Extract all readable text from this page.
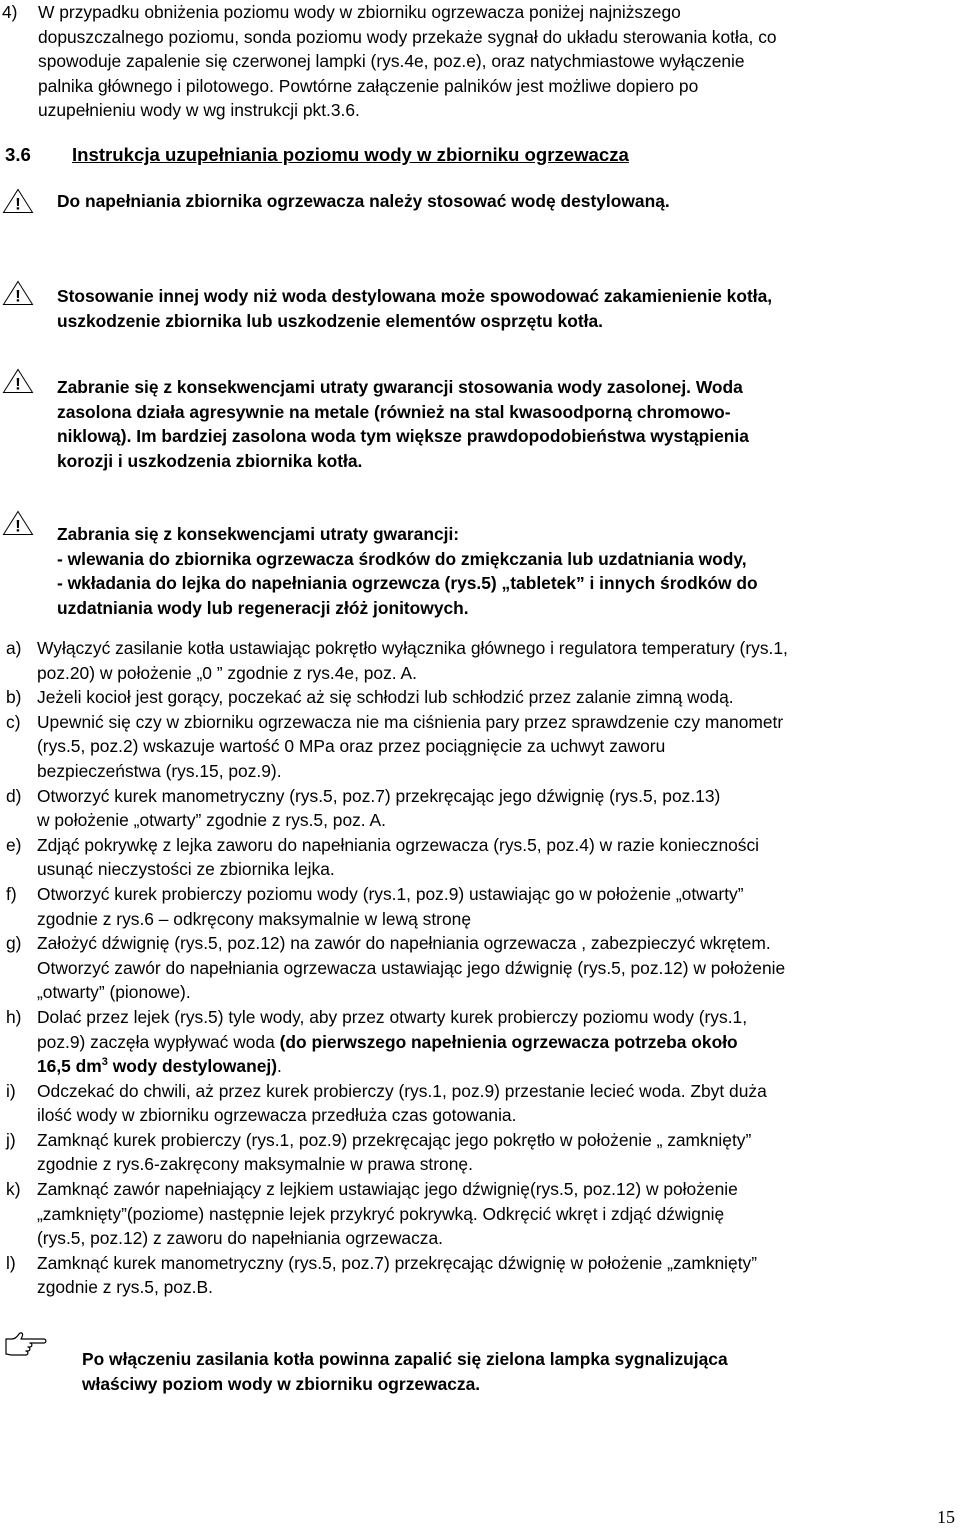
4) W przypadku obniżenia poziomu wody w zbiorniku ogrzewacza poniżej najniższego
dopuszczalnego poziomu, sonda poziomu wody przekaże sygnał do układu sterowania kotła, co
spowoduje zapalenie się czerwonej lampki (rys.4e, poz.e), oraz natychmiastowe wyłączenie
palnika głównego i pilotowego. Powtórne załączenie palników jest możliwe dopiero po
uzupełnieniu wody w wg instrukcji pkt.3.6.
3.6 Instrukcja uzupełniania poziomu wody w zbiorniku ogrzewacza
! Do napełniania zbiornika ogrzewacza należy stosować wodę destylowaną.
! Stosowanie innej wody niż woda destylowana może spowodować zakamienienie kotła,
uszkodzenie zbiornika lub uszkodzenie elementów osprzętu kotła.
! Zabranie się z konsekwencjami utraty gwarancji stosowania wody zasolonej. Woda
zasolona działa agresywnie na metale (również na stal kwasoodporną chromowo-
niklową). Im bardziej zasolona woda tym większe prawdopodobieństwa wystąpienia
korozji i uszkodzenia zbiornika kotła.
! Zabrania się z konsekwencjami utraty gwarancji:
- wlewania do zbiornika ogrzewacza środków do zmiękczania lub uzdatniania wody,
- wkładania do lejka do napełniania ogrzewcza (rys.5) „tabletek” i innych środków do
uzdatniania wody lub regeneracji złóż jonitowych.
a) Wyłączyć zasilanie kotła ustawiając pokrętło wyłącznika głównego i regulatora temperatury (rys.1,
poz.20) w położenie „0 ” zgodnie z rys.4e, poz. A.
b) Jeżeli kocioł jest gorący, poczekać aż się schłodzi lub schłodzić przez zalanie zimną wodą.
c) Upewnić się czy w zbiorniku ogrzewacza nie ma ciśnienia pary przez sprawdzenie czy manometr
(rys.5, poz.2) wskazuje wartość 0 MPa oraz przez pociągnięcie za uchwyt zaworu
bezpieczeństwa (rys.15, poz.9).
d) Otworzyć kurek manometryczny (rys.5, poz.7) przekręcając jego dźwignię (rys.5, poz.13)
w położenie „otwarty” zgodnie z rys.5, poz. A.
e) Zdjąć pokrywkę z lejka zaworu do napełniania ogrzewacza (rys.5, poz.4) w razie konieczności
usunąć nieczystości ze zbiornika lejka.
f) Otworzyć kurek probierczy poziomu wody (rys.1, poz.9) ustawiając go w położenie „otwarty”
zgodnie z rys.6 – odkręcony maksymalnie w lewą stronę
g) Założyć dźwignię (rys.5, poz.12) na zawór do napełniania ogrzewacza , zabezpieczyć wkrętem.
Otworzyć zawór do napełniania ogrzewacza ustawiając jego dźwignię (rys.5, poz.12) w położenie
„otwarty” (pionowe).
h) Dolać przez lejek (rys.5) tyle wody, aby przez otwarty kurek probierczy poziomu wody (rys.1,
poz.9) zaczęła wypływać woda (do pierwszego napełnienia ogrzewacza potrzeba około
16,5 $dm^3$ wody destylowanej).
i) Odczekać do chwili, aż przez kurek probierczy (rys.1, poz.9) przestanie lecieć woda. Zbyt duża
ilość wody w zbiorniku ogrzewacza przedłuża czas gotowania.
j) Zamknąć kurek probierczy (rys.1, poz.9) przekręcając jego pokrętło w położenie „ zamknięty”
zgodnie z rys.6-zakręcony maksymalnie w prawa stronę.
k) Zamknąć zawór napełniający z lejkiem ustawiając jego dźwignię(rys.5, poz.12) w położenie
„zamknięty”(poziome) następnie lejek przykryć pokrywką. Odkręcić wkręt i zdjąć dźwignię
(rys.5, poz.12) z zaworu do napełniania ogrzewacza.
l) Zamknąć kurek manometryczny (rys.5, poz.7) przekręcając dźwignię w położenie „zamknięty”
zgodnie z rys.5, poz.B.
Po włączeniu zasilania kotła powinna zapalić się zielona lampka sygnalizująca
właściwy poziom wody w zbiorniku ogrzewacza.
15
